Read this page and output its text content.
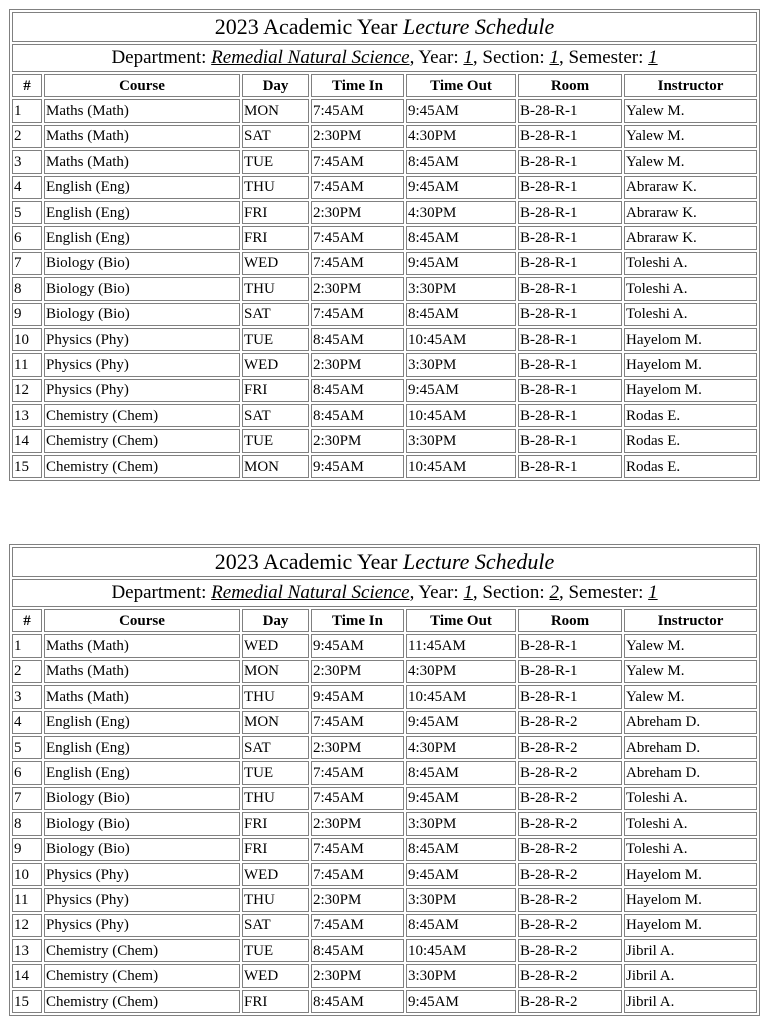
2023 Academic Year Lecture Schedule						
Department: Remedial Natural Science, Year: 1, Section: 1, Semester: 1						
#	Course	Day	Time In	Time Out	Room	Instructor
1	Maths (Math)	MON	7:45AM	9:45AM	B-28-R-1	Yalew M.
2	Maths (Math)	SAT	2:30PM	4:30PM	B-28-R-1	Yalew M.
3	Maths (Math)	TUE	7:45AM	8:45AM	B-28-R-1	Yalew M.
4	English (Eng)	THU	7:45AM	9:45AM	B-28-R-1	Abraraw K.
5	English (Eng)	FRI	2:30PM	4:30PM	B-28-R-1	Abraraw K.
6	English (Eng)	FRI	7:45AM	8:45AM	B-28-R-1	Abraraw K.
7	Biology (Bio)	WED	7:45AM	9:45AM	B-28-R-1	Toleshi A.
8	Biology (Bio)	THU	2:30PM	3:30PM	B-28-R-1	Toleshi A.
9	Biology (Bio)	SAT	7:45AM	8:45AM	B-28-R-1	Toleshi A.
10	Physics (Phy)	TUE	8:45AM	10:45AM	B-28-R-1	Hayelom M.
11	Physics (Phy)	WED	2:30PM	3:30PM	B-28-R-1	Hayelom M.
12	Physics (Phy)	FRI	8:45AM	9:45AM	B-28-R-1	Hayelom M.
13	Chemistry (Chem)	SAT	8:45AM	10:45AM	B-28-R-1	Rodas E.
14	Chemistry (Chem)	TUE	2:30PM	3:30PM	B-28-R-1	Rodas E.
15	Chemistry (Chem)	MON	9:45AM	10:45AM	B-28-R-1	Rodas E.
2023 Academic Year Lecture Schedule						
Department: Remedial Natural Science, Year: 1, Section: 2, Semester: 1						
#	Course	Day	Time In	Time Out	Room	Instructor
1	Maths (Math)	WED	9:45AM	11:45AM	B-28-R-1	Yalew M.
2	Maths (Math)	MON	2:30PM	4:30PM	B-28-R-1	Yalew M.
3	Maths (Math)	THU	9:45AM	10:45AM	B-28-R-1	Yalew M.
4	English (Eng)	MON	7:45AM	9:45AM	B-28-R-2	Abreham D.
5	English (Eng)	SAT	2:30PM	4:30PM	B-28-R-2	Abreham D.
6	English (Eng)	TUE	7:45AM	8:45AM	B-28-R-2	Abreham D.
7	Biology (Bio)	THU	7:45AM	9:45AM	B-28-R-2	Toleshi A.
8	Biology (Bio)	FRI	2:30PM	3:30PM	B-28-R-2	Toleshi A.
9	Biology (Bio)	FRI	7:45AM	8:45AM	B-28-R-2	Toleshi A.
10	Physics (Phy)	WED	7:45AM	9:45AM	B-28-R-2	Hayelom M.
11	Physics (Phy)	THU	2:30PM	3:30PM	B-28-R-2	Hayelom M.
12	Physics (Phy)	SAT	7:45AM	8:45AM	B-28-R-2	Hayelom M.
13	Chemistry (Chem)	TUE	8:45AM	10:45AM	B-28-R-2	Jibril A.
14	Chemistry (Chem)	WED	2:30PM	3:30PM	B-28-R-2	Jibril A.
15	Chemistry (Chem)	FRI	8:45AM	9:45AM	B-28-R-2	Jibril A.
